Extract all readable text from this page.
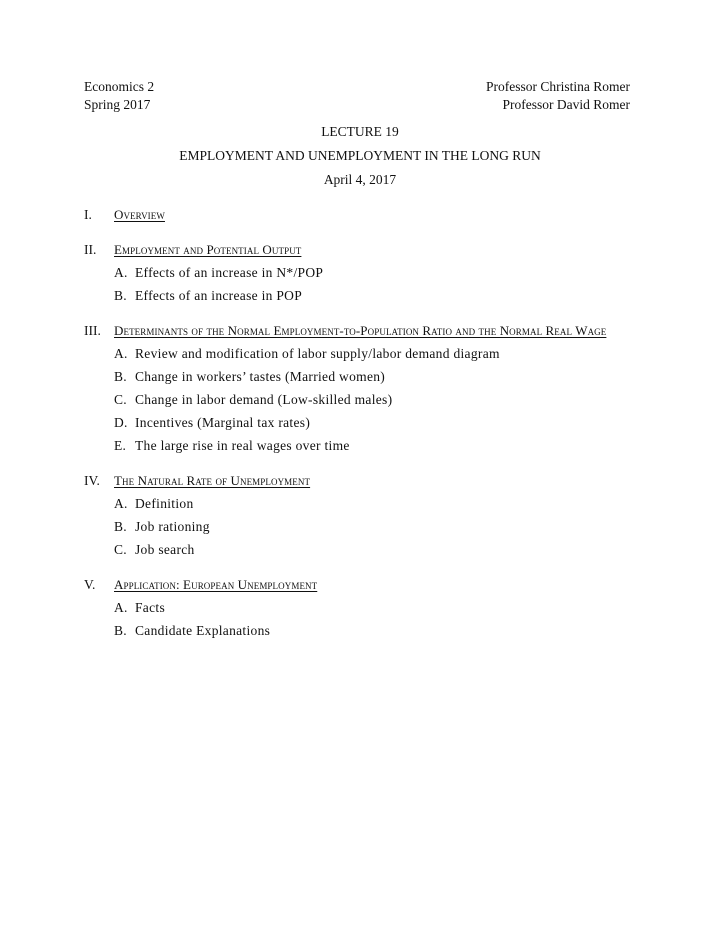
Economics 2
Spring 2017
Professor Christina Romer
Professor David Romer
LECTURE 19
EMPLOYMENT AND UNEMPLOYMENT IN THE LONG RUN
April 4, 2017
I.	Overview
II.	Employment and Potential Output
A. Effects of an increase in N*/POP
B. Effects of an increase in POP
III.	Determinants of the Normal Employment-to-Population Ratio and the Normal Real Wage
A. Review and modification of labor supply/labor demand diagram
B. Change in workers’ tastes (Married women)
C. Change in labor demand (Low-skilled males)
D. Incentives (Marginal tax rates)
E. The large rise in real wages over time
IV.	The Natural Rate of Unemployment
A. Definition
B. Job rationing
C. Job search
V.	Application: European Unemployment
A. Facts
B. Candidate Explanations
